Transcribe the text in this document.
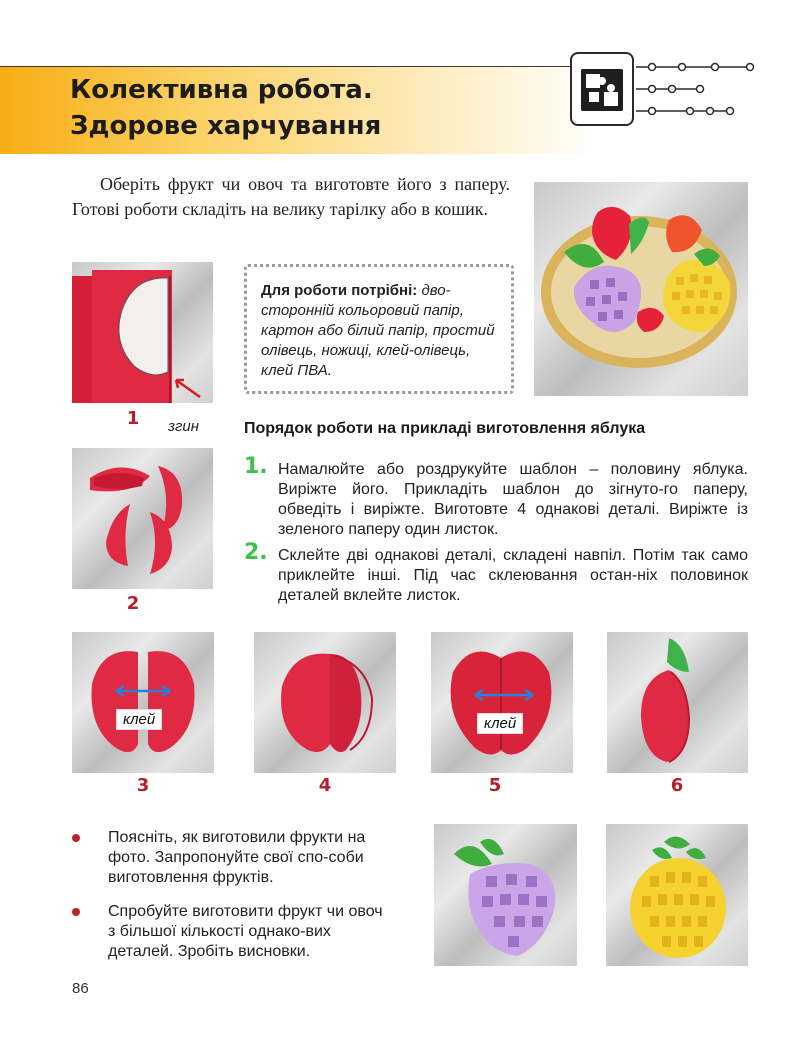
Колективна робота.
Здорове харчування

Оберіть фрукт чи овоч та виготовте його з паперу. Готові роботи складіть на велику тарілку або в кошик.

1	згин
Для роботи потрібні: дво-сторонній кольоровий папір, картон або білий папір, простий олівець, ножиці, клей-олівець, клей ПВА.
2
Порядок роботи на прикладі виготовлення яблука
1. Намалюйте або роздрукуйте шаблон – половину яблука. Виріжте його. Прикладіть шаблон до зігнуто-го паперу, обведіть і виріжте. Виготовте 4 однакові деталі. Виріжте із зеленого паперу один листок.
2. Склейте дві однакові деталі, складені навпіл. Потім так само приклейте інші. Під час склеювання остан-ніх половинок деталей вклейте листок.
клей
3	4
клей
5	6
Поясніть, як виготовили фрукти на фото. Запропонуйте свої спо-соби виготовлення фруктів.
Спробуйте виготовити фрукт чи овоч з більшої кількості однако-вих деталей. Зробіть висновки.
86
